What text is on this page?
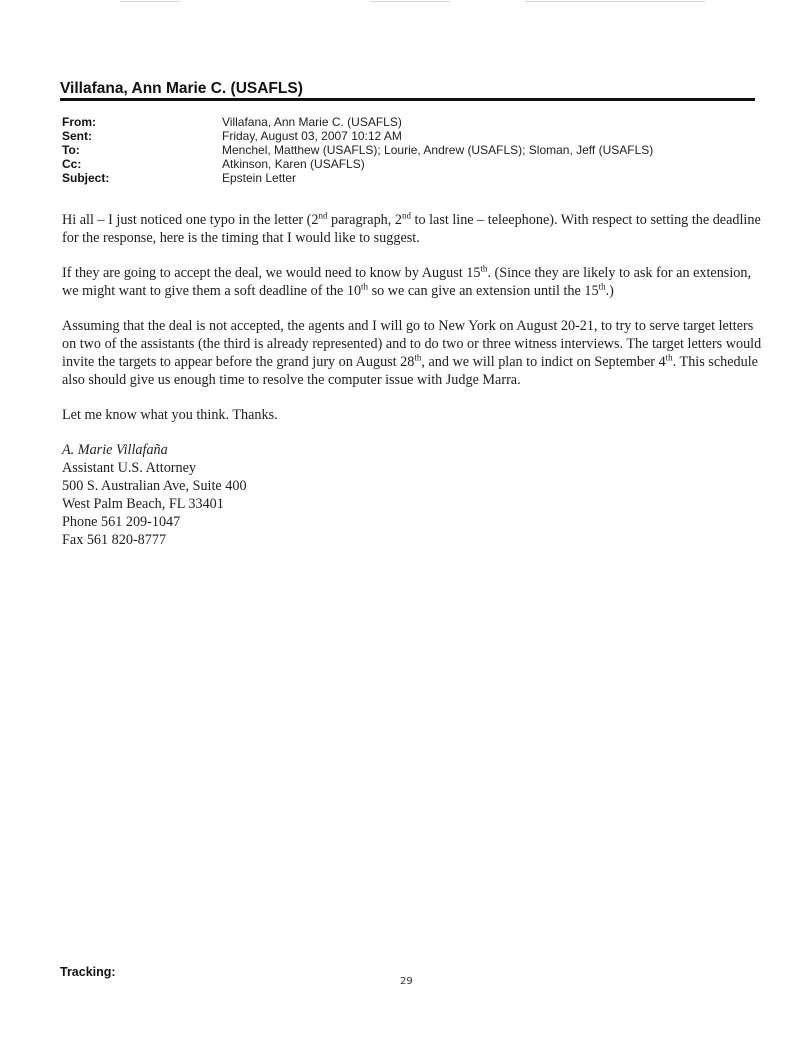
Villafana, Ann Marie C. (USAFLS)
From:	Villafana, Ann Marie C. (USAFLS)
Sent:	Friday, August 03, 2007 10:12 AM
To:	Menchel, Matthew (USAFLS); Lourie, Andrew (USAFLS); Sloman, Jeff (USAFLS)
Cc:	Atkinson, Karen (USAFLS)
Subject:	Epstein Letter

Hi all – I just noticed one typo in the letter (2nd paragraph, 2nd to last line – teleephone). With respect to setting the deadline for the response, here is the timing that I would like to suggest.

If they are going to accept the deal, we would need to know by August 15th. (Since they are likely to ask for an extension, we might want to give them a soft deadline of the 10th so we can give an extension until the 15th.)

Assuming that the deal is not accepted, the agents and I will go to New York on August 20-21, to try to serve target letters on two of the assistants (the third is already represented) and to do two or three witness interviews. The target letters would invite the targets to appear before the grand jury on August 28th, and we will plan to indict on September 4th. This schedule also should give us enough time to resolve the computer issue with Judge Marra.

Let me know what you think. Thanks.

A. Marie Villafaña
Assistant U.S. Attorney
500 S. Australian Ave, Suite 400
West Palm Beach, FL 33401
Phone 561 209-1047
Fax 561 820-8777
Tracking:
29
